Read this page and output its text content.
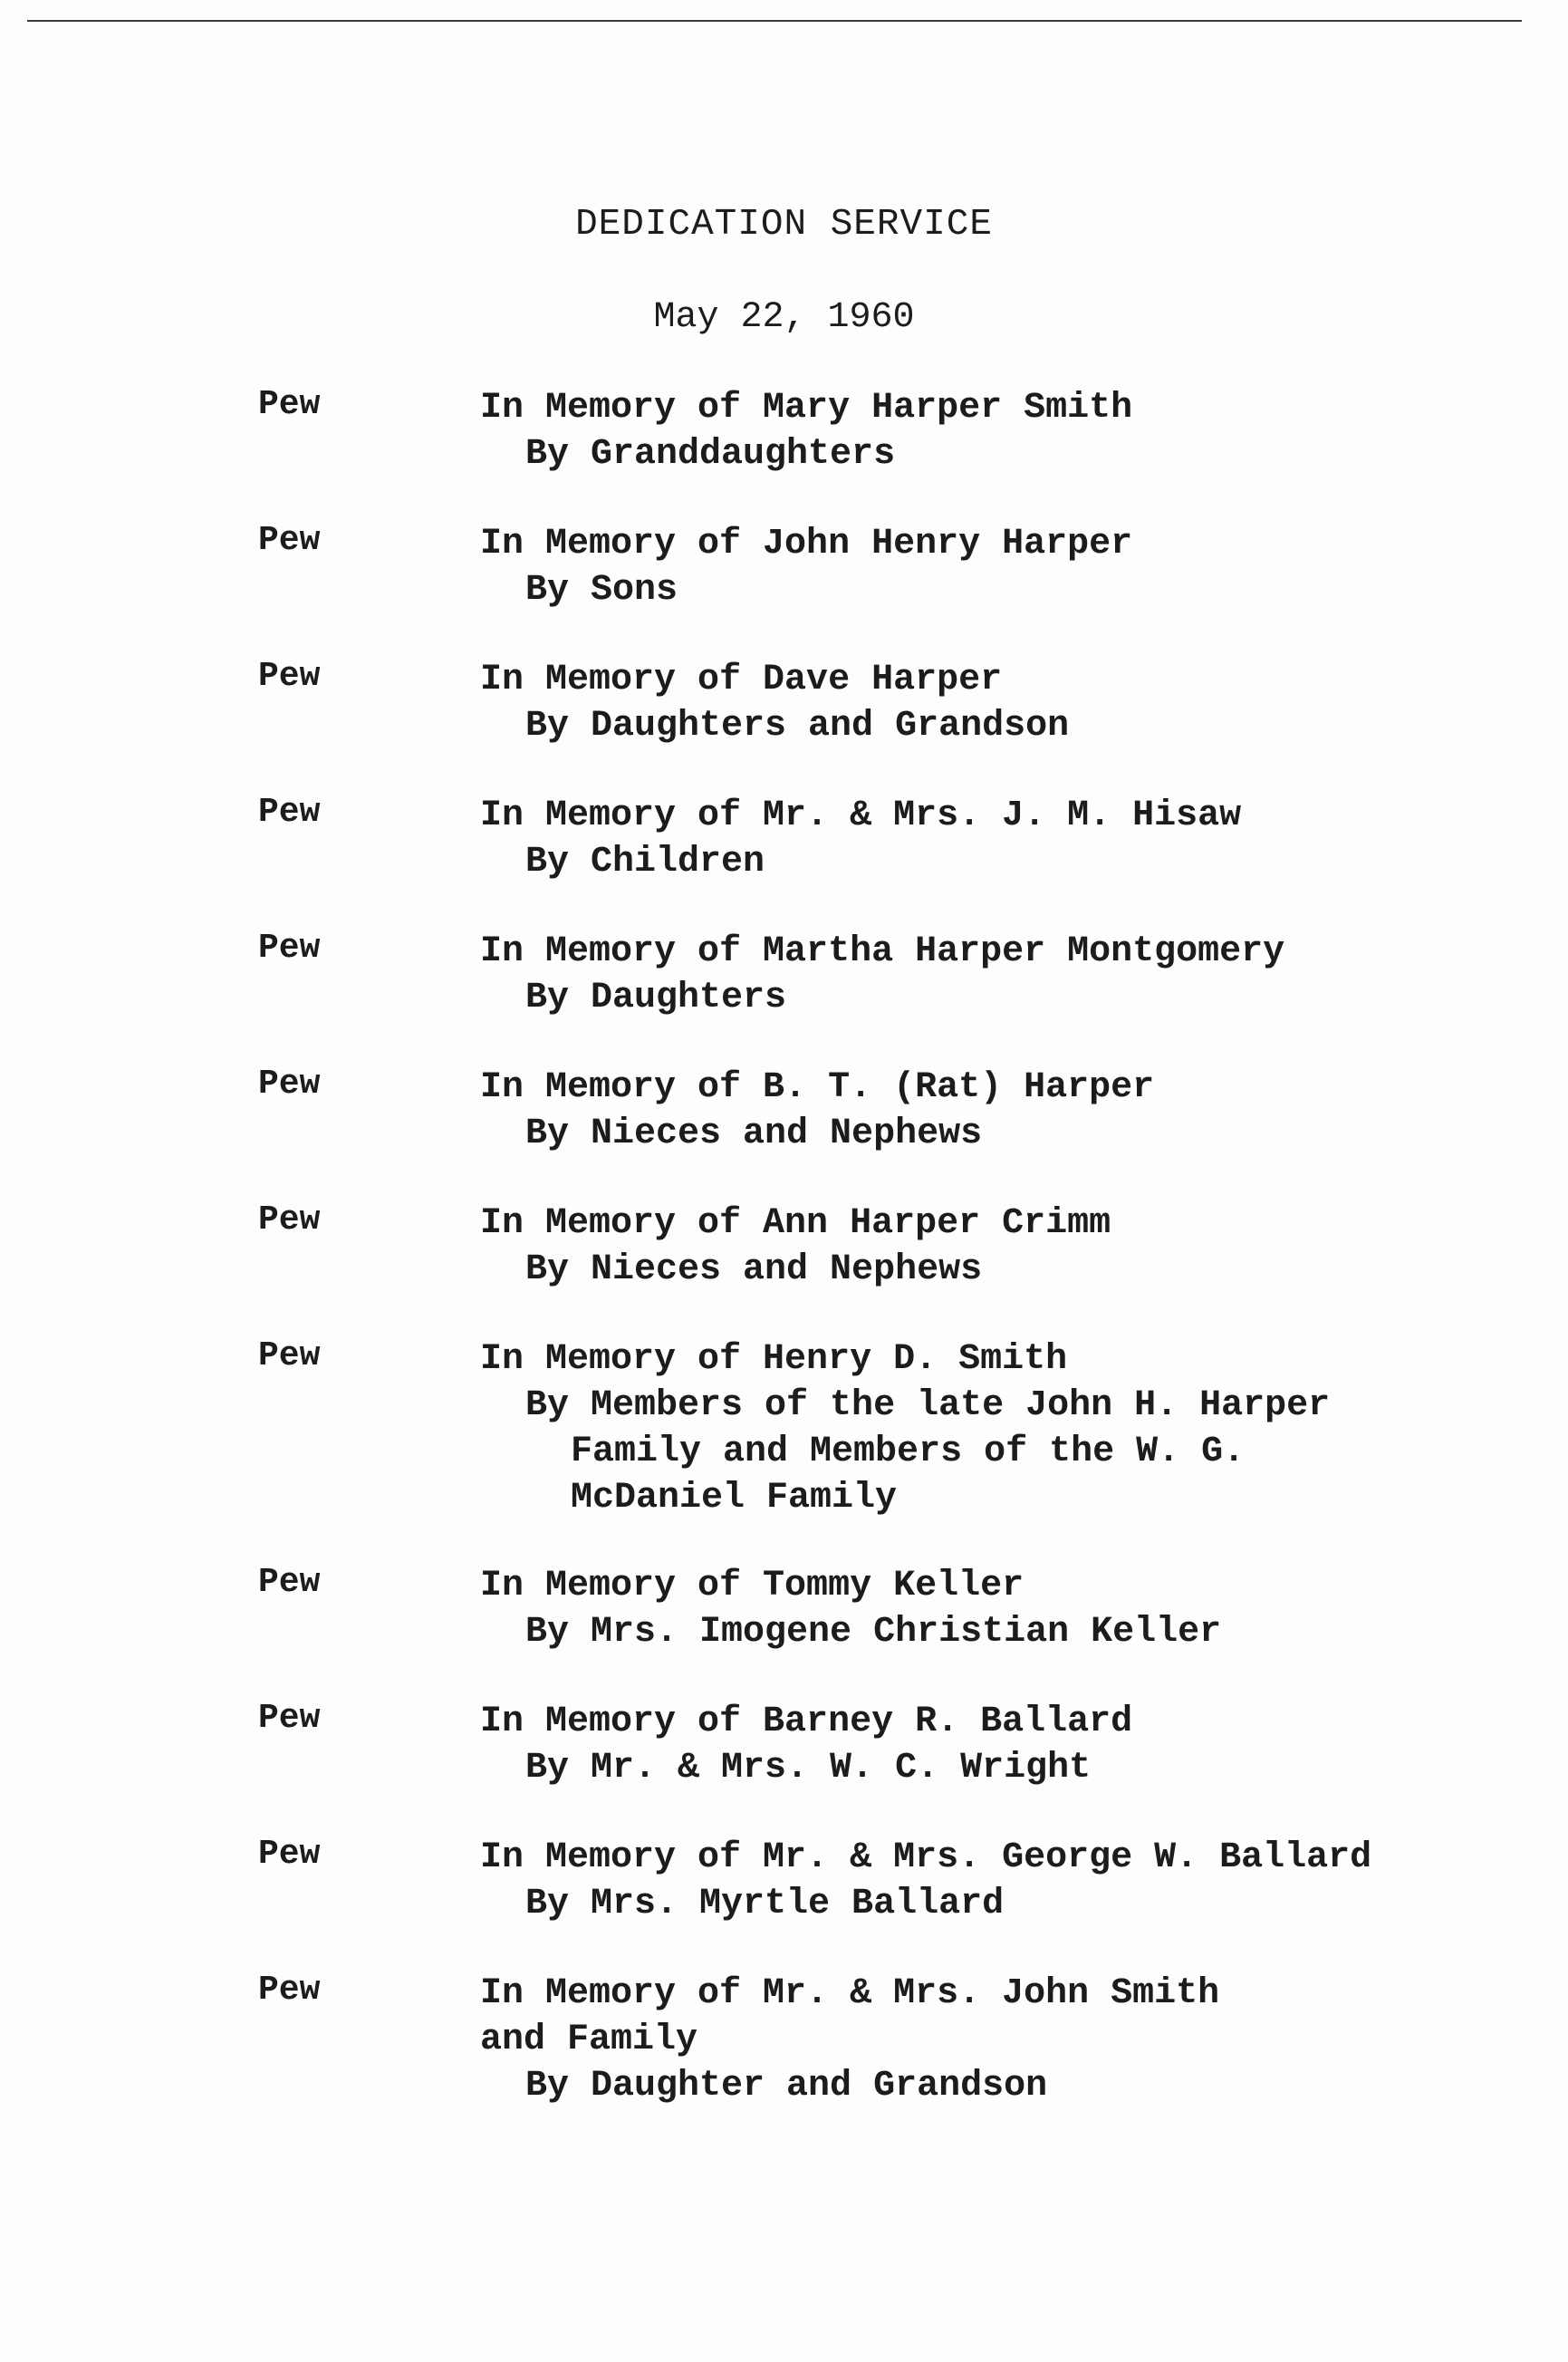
DEDICATION SERVICE
May 22, 1960
Pew	In Memory of Mary Harper Smith
By Granddaughters
Pew	In Memory of John Henry Harper
By Sons
Pew	In Memory of Dave Harper
By Daughters and Grandson
Pew	In Memory of Mr. & Mrs. J. M. Hisaw
By Children
Pew	In Memory of Martha Harper Montgomery
By Daughters
Pew	In Memory of B. T. (Rat) Harper
By Nieces and Nephews
Pew	In Memory of Ann Harper Crimm
By Nieces and Nephews
Pew	In Memory of Henry D. Smith
By Members of the late John H. Harper
Family and Members of the W. G.
McDaniel Family
Pew	In Memory of Tommy Keller
By Mrs. Imogene Christian Keller
Pew	In Memory of Barney R. Ballard
By Mr. & Mrs. W. C. Wright
Pew	In Memory of Mr. & Mrs. George W. Ballard
By Mrs. Myrtle Ballard
Pew	In Memory of Mr. & Mrs. John Smith
and Family
By Daughter and Grandson
